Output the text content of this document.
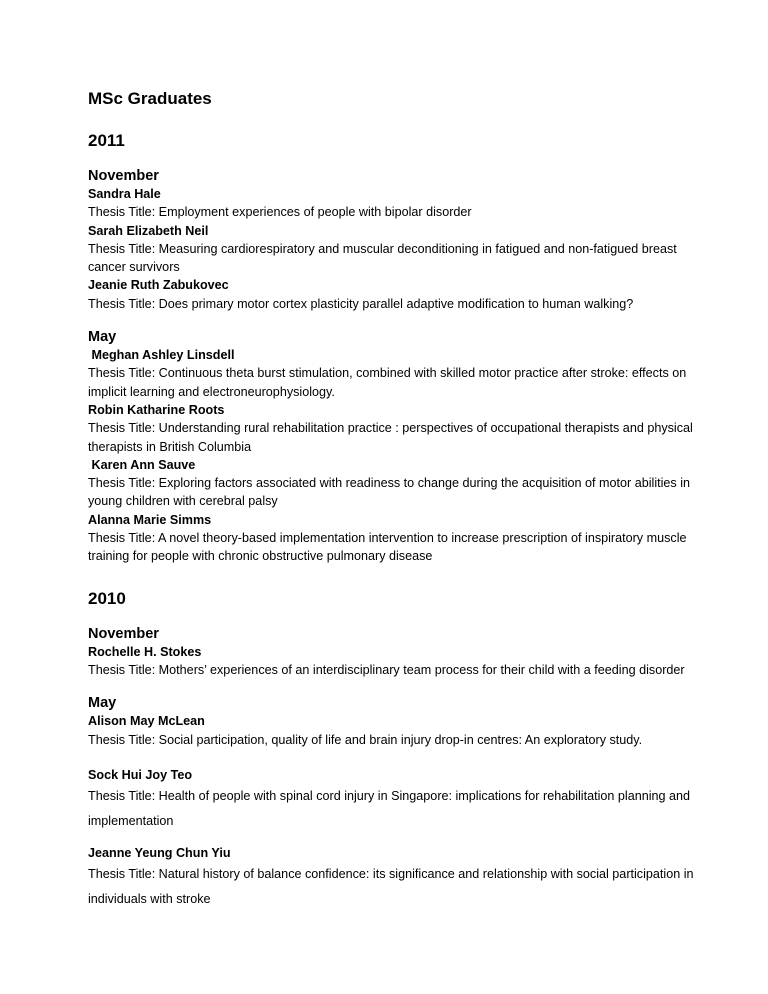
MSc Graduates
2011
November
Sandra Hale
Thesis Title: Employment experiences of people with bipolar disorder
Sarah Elizabeth Neil
Thesis Title: Measuring cardiorespiratory and muscular deconditioning in fatigued and non-fatigued breast cancer survivors
Jeanie Ruth Zabukovec
Thesis Title: Does primary motor cortex plasticity parallel adaptive modification to human walking?
May
Meghan Ashley Linsdell
Thesis Title: Continuous theta burst stimulation, combined with skilled motor practice after stroke: effects on implicit learning and electroneurophysiology.
Robin Katharine Roots
Thesis Title: Understanding rural rehabilitation practice : perspectives of occupational therapists and physical therapists in British Columbia
Karen Ann Sauve
Thesis Title: Exploring factors associated with readiness to change during the acquisition of motor abilities in young children with cerebral palsy
Alanna Marie Simms
Thesis Title: A novel theory-based implementation intervention to increase prescription of inspiratory muscle training for people with chronic obstructive pulmonary disease
2010
November
Rochelle H. Stokes
Thesis Title: Mothers’ experiences of an interdisciplinary team process for their child with a feeding disorder
May
Alison May McLean
Thesis Title: Social participation, quality of life and brain injury drop-in centres: An exploratory study.
Sock Hui Joy Teo
Thesis Title: Health of people with spinal cord injury in Singapore: implications for rehabilitation planning and implementation
Jeanne Yeung Chun Yiu
Thesis Title: Natural history of balance confidence: its significance and relationship with social participation in individuals with stroke
